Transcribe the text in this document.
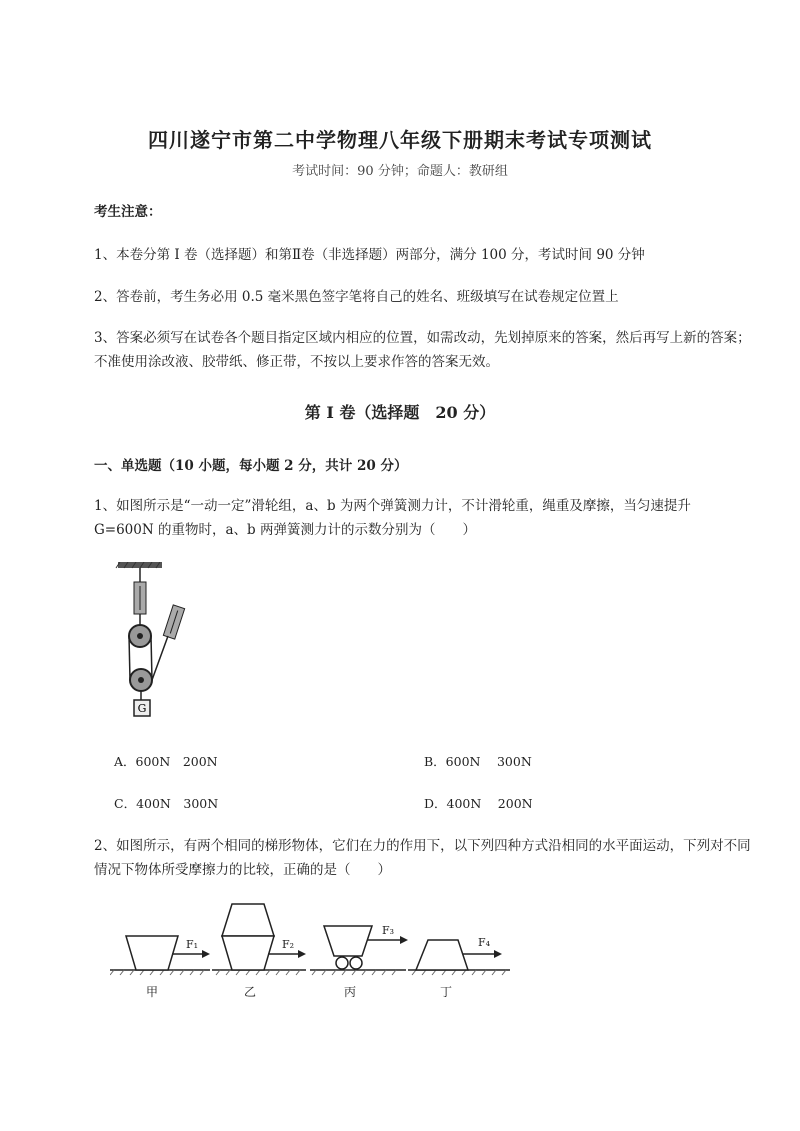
四川遂宁市第二中学物理八年级下册期末考试专项测试
考试时间：90 分钟；命题人：教研组
考生注意：
1、本卷分第 I 卷（选择题）和第Ⅱ卷（非选择题）两部分，满分 100 分，考试时间 90 分钟
2、答卷前，考生务必用 0.5 毫米黑色签字笔将自己的姓名、班级填写在试卷规定位置上
3、答案必须写在试卷各个题目指定区域内相应的位置，如需改动，先划掉原来的答案，然后再写上新的答案；不准使用涂改液、胶带纸、修正带，不按以上要求作答的答案无效。
第 I 卷（选择题　20 分）
一、单选题（10 小题，每小题 2 分，共计 20 分）
1、如图所示是“一动一定”滑轮组，a、b 为两个弹簧测力计，不计滑轮重，绳重及摩擦，当匀速提升 G=600N 的重物时，a、b 两弹簧测力计的示数分别为（　　）
G
A．600N　200N	B．600N　 300N
C．400N　300N	D．400N　 200N
2、如图所示，有两个相同的梯形物体，它们在力的作用下，以下列四种方式沿相同的水平面运动，下列对不同情况下物体所受摩擦力的比较，正确的是（　　）
F₁	F₂
F₃
F₄
甲	乙	丙	丁
